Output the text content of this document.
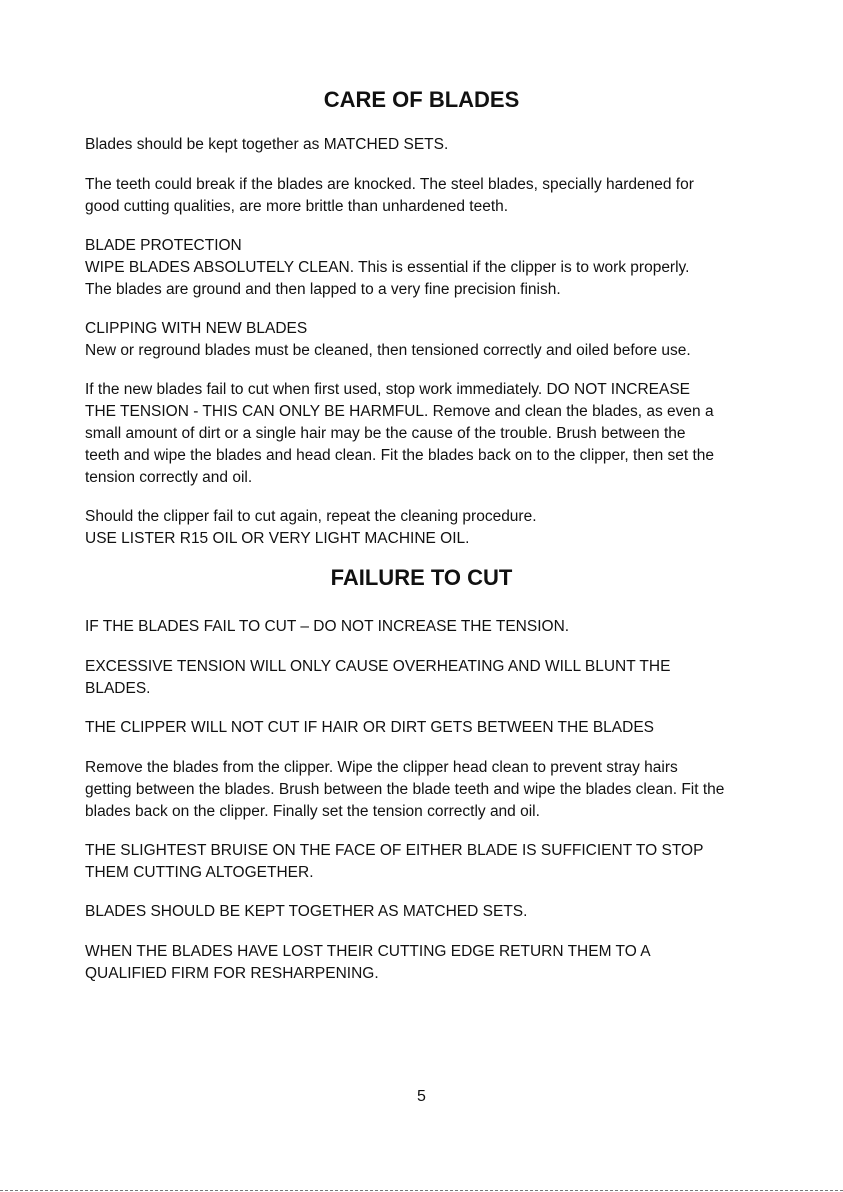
CARE OF BLADES

Blades should be kept together as MATCHED SETS.

The teeth could break if the blades are knocked. The steel blades, specially hardened for
good cutting qualities, are more brittle than unhardened teeth.

BLADE PROTECTION
WIPE BLADES ABSOLUTELY CLEAN. This is essential if the clipper is to work properly.
The blades are ground and then lapped to a very fine precision finish.

CLIPPING WITH NEW BLADES
New or reground blades must be cleaned, then tensioned correctly and oiled before use.

If the new blades fail to cut when first used, stop work immediately. DO NOT INCREASE
THE TENSION - THIS CAN ONLY BE HARMFUL. Remove and clean the blades, as even a
small amount of dirt or a single hair may be the cause of the trouble. Brush between the
teeth and wipe the blades and head clean. Fit the blades back on to the clipper, then set the
tension correctly and oil.

Should the clipper fail to cut again, repeat the cleaning procedure.
USE LISTER R15 OIL OR VERY LIGHT MACHINE OIL.

FAILURE TO CUT

IF THE BLADES FAIL TO CUT – DO NOT INCREASE THE TENSION.

EXCESSIVE TENSION WILL ONLY CAUSE OVERHEATING AND WILL BLUNT THE
BLADES.

THE CLIPPER WILL NOT CUT IF HAIR OR DIRT GETS BETWEEN THE BLADES

Remove the blades from the clipper. Wipe the clipper head clean to prevent stray hairs
getting between the blades. Brush between the blade teeth and wipe the blades clean. Fit the
blades back on the clipper. Finally set the tension correctly and oil.

THE SLIGHTEST BRUISE ON THE FACE OF EITHER BLADE IS SUFFICIENT TO STOP
THEM CUTTING ALTOGETHER.

BLADES SHOULD BE KEPT TOGETHER AS MATCHED SETS.

WHEN THE BLADES HAVE LOST THEIR CUTTING EDGE RETURN THEM TO A
QUALIFIED FIRM FOR RESHARPENING.

5
